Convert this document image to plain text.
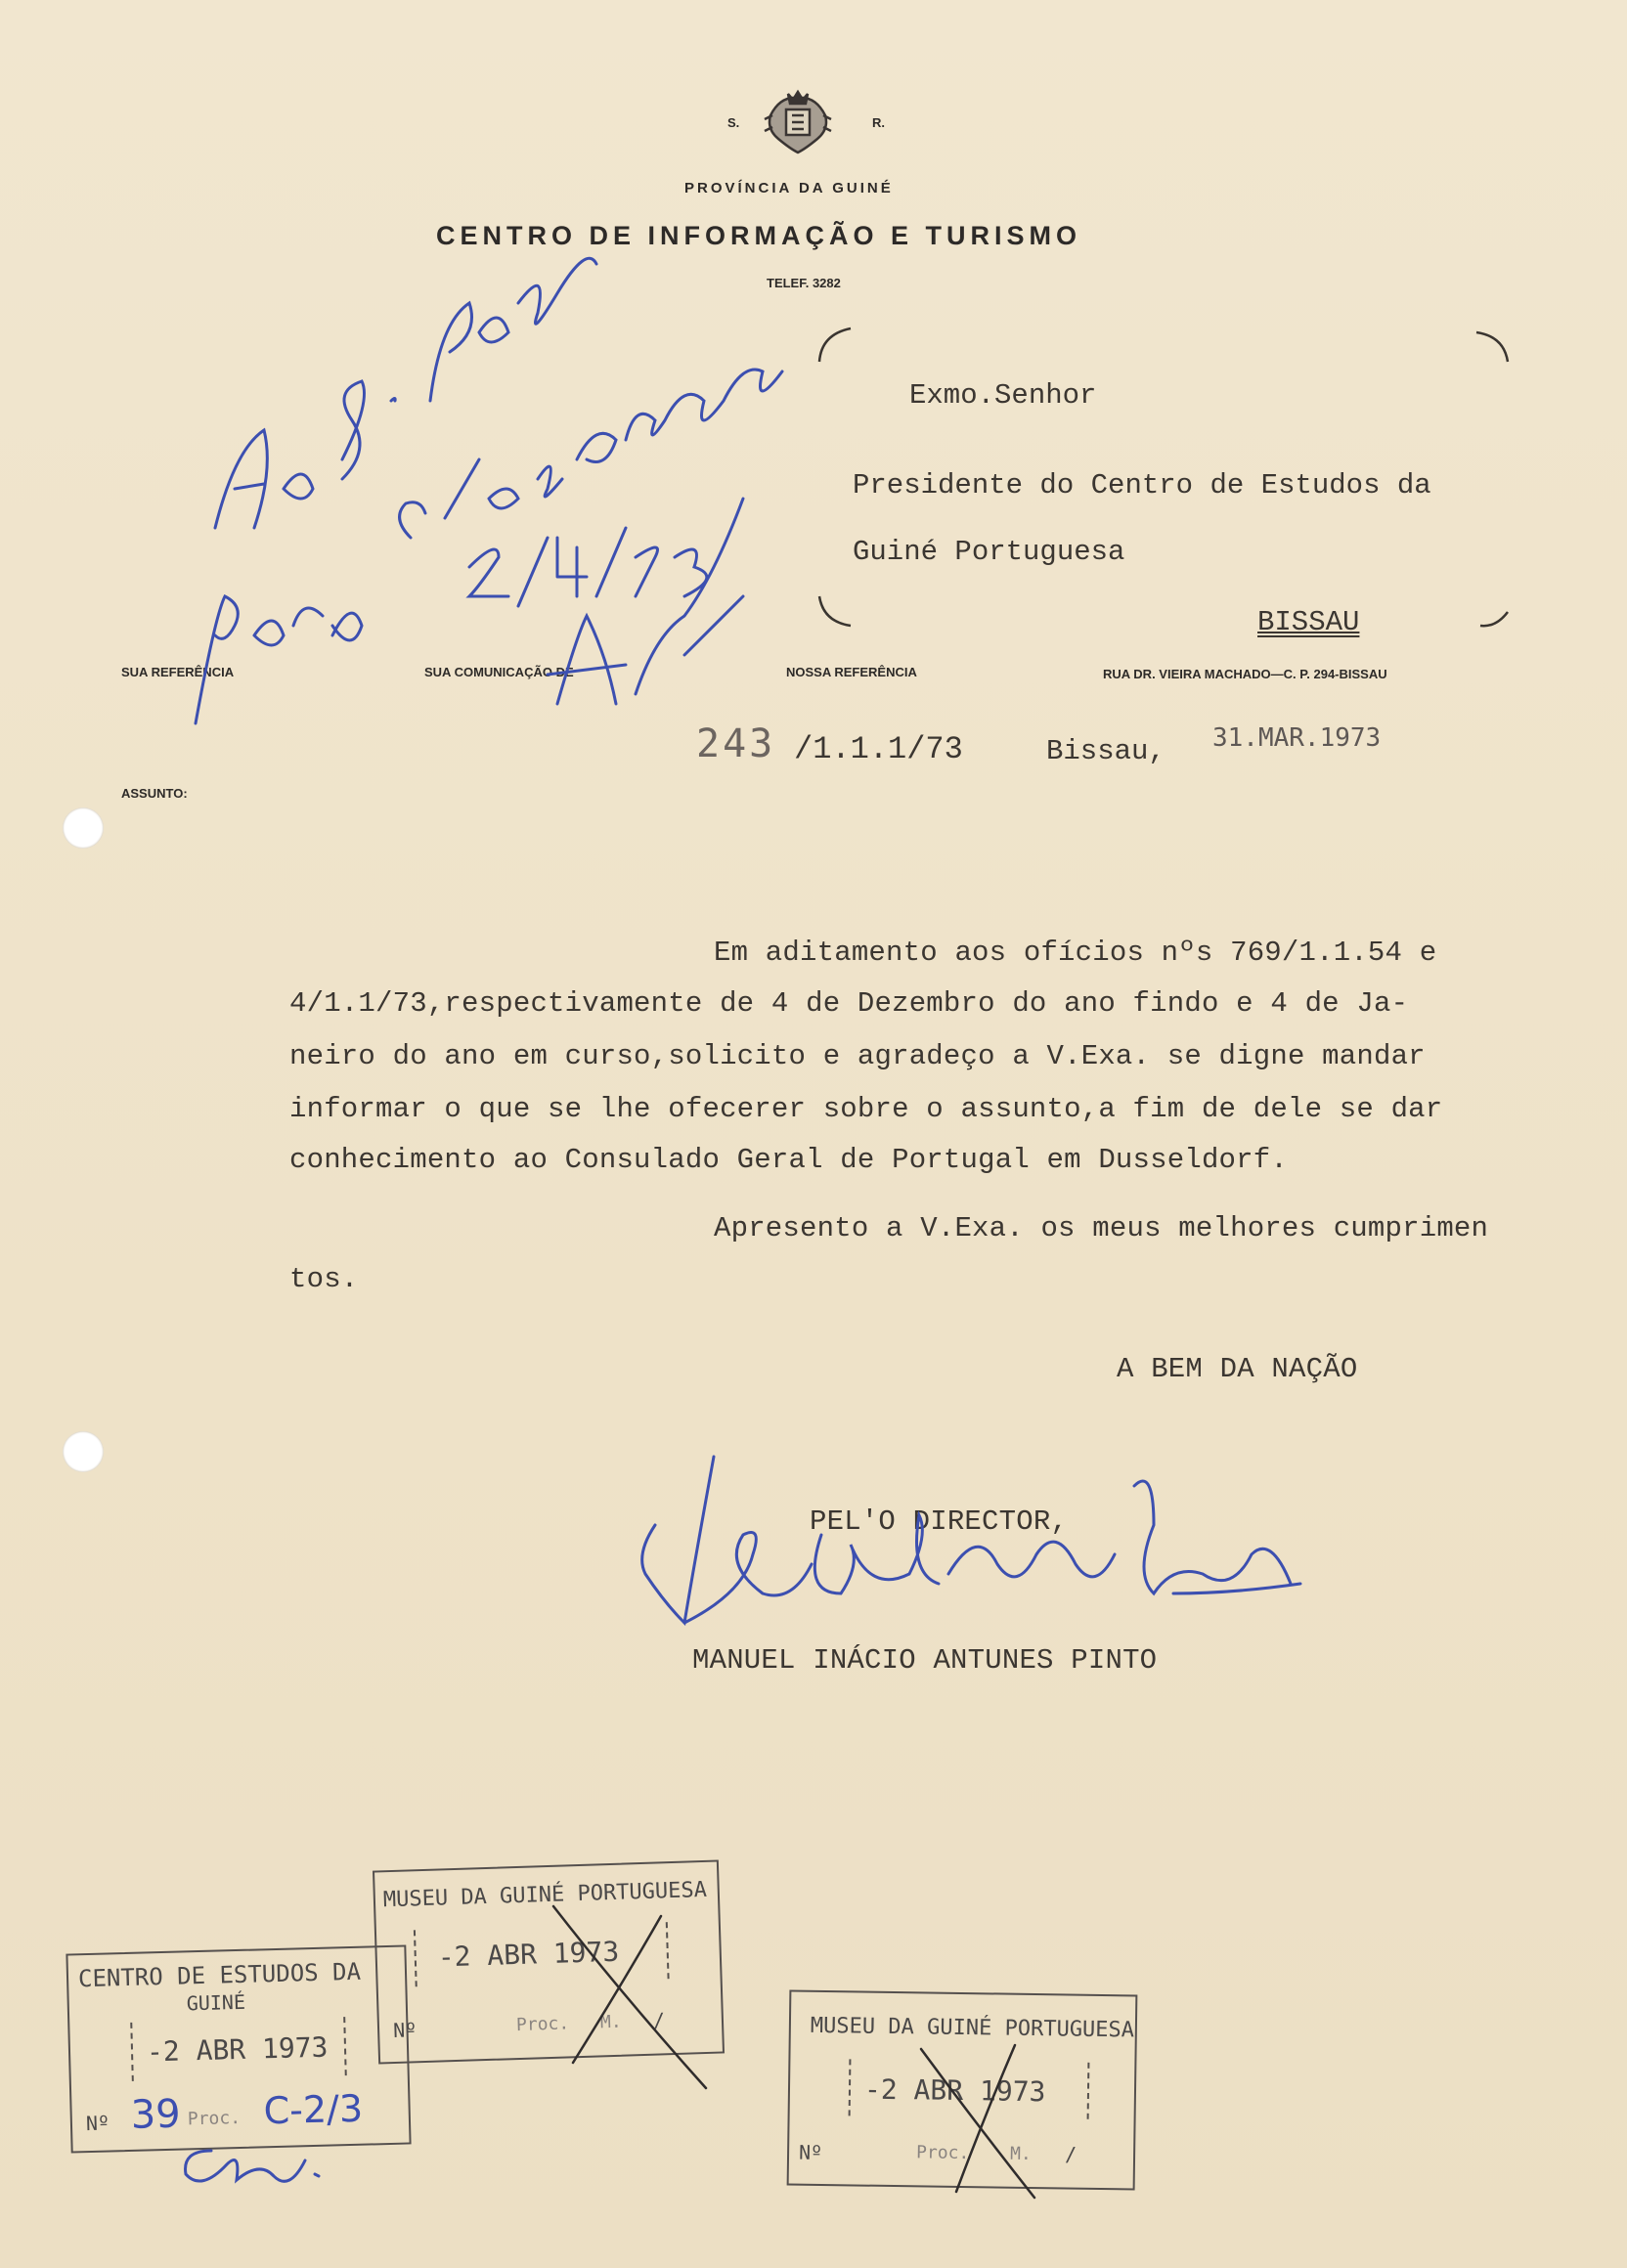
S.	R.
PROVÍNCIA DA GUINÉ
CENTRO DE INFORMAÇÃO E TURISMO
TELEF. 3282
Exmo.Senhor
Presidente do Centro de Estudos da
Guiné Portuguesa
BISSAU
SUA REFERÊNCIA	SUA COMUNICAÇÃO DE	NOSSA REFERÊNCIA	RUA DR. VIEIRA MACHADO—C. P. 294-BISSAU
ASSUNTO:
243 /1.1.1/73	Bissau, 31.MAR.1973
Em aditamento aos ofícios nºs 769/1.1.54 e
4/1.1/73,respectivamente de 4 de Dezembro do ano findo e 4 de Ja-
neiro do ano em curso,solicito e agradeço a V.Exa. se digne mandar
informar o que se lhe ofecerer sobre o assunto,a fim de dele se dar
conhecimento ao Consulado Geral de Portugal em Dusseldorf.
Apresento a V.Exa. os meus melhores cumprimen
tos.
A BEM DA NAÇÃO
PEL'O DIRECTOR,
MANUEL INÁCIO ANTUNES PINTO
CENTRO DE ESTUDOS DA
GUINÉ
-2 ABR 1973
Nº	Proc.
39 C-2/3
MUSEU DA GUINÉ PORTUGUESA
-2 ABR 1973
Nº	Proc. M. /	MUSEU DA GUINÉ PORTUGUESA
-2 ABR 1973
Nº	Proc. M. /
